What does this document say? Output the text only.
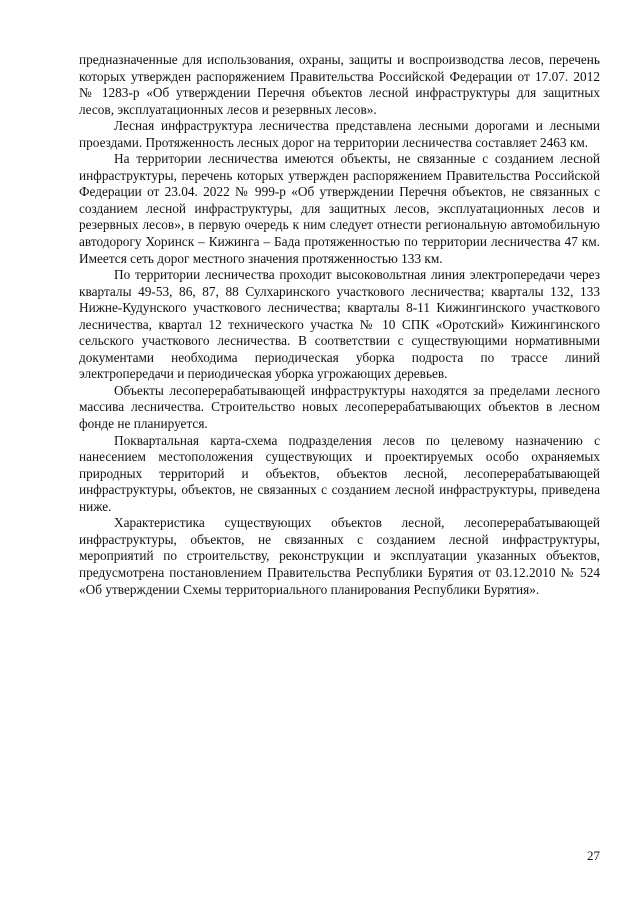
предназначенные для использования, охраны, защиты и воспроизводства лесов, перечень которых утвержден распоряжением Правительства Российской Федерации от 17.07. 2012 № 1283-р «Об утверждении Перечня объектов лесной инфраструктуры для защитных лесов, эксплуатационных лесов и резервных лесов».

Лесная инфраструктура лесничества представлена лесными дорогами и лесными проездами. Протяженность лесных дорог на территории лесничества составляет 2463 км.

На территории лесничества имеются объекты, не связанные с созданием лесной инфраструктуры, перечень которых утвержден распоряжением Правительства Российской Федерации от 23.04. 2022 № 999-р «Об утверждении Перечня объектов, не связанных с созданием лесной инфраструктуры, для защитных лесов, эксплуатационных лесов и резервных лесов», в первую очередь к ним следует отнести региональную автомобильную автодорогу Хоринск – Кижинга – Бада протяженностью по территории лесничества 47 км. Имеется сеть дорог местного значения протяженностью 133 км.

По территории лесничества проходит высоковольтная линия электропередачи через кварталы 49-53, 86, 87, 88 Сулхаринского участкового лесничества; кварталы 132, 133 Нижне-Кудунского участкового лесничества; кварталы 8-11 Кижингинского участкового лесничества, квартал 12 технического участка № 10 СПК «Оротский» Кижингинского сельского участкового лесничества. В соответствии с существующими нормативными документами необходима периодическая уборка подроста по трассе линий электропередачи и периодическая уборка угрожающих деревьев.

Объекты лесоперерабатывающей инфраструктуры находятся за пределами лесного массива лесничества. Строительство новых лесоперерабатывающих объектов в лесном фонде не планируется.

Поквартальная карта-схема подразделения лесов по целевому назначению с нанесением местоположения существующих и проектируемых особо охраняемых природных территорий и объектов, объектов лесной, лесоперерабатывающей инфраструктуры, объектов, не связанных с созданием лесной инфраструктуры, приведена ниже.

Характеристика существующих объектов лесной, лесоперерабатывающей инфраструктуры, объектов, не связанных с созданием лесной инфраструктуры, мероприятий по строительству, реконструкции и эксплуатации указанных объектов, предусмотрена постановлением Правительства Республики Бурятия от 03.12.2010 № 524 «Об утверждении Схемы территориального планирования Республики Бурятия».

27
